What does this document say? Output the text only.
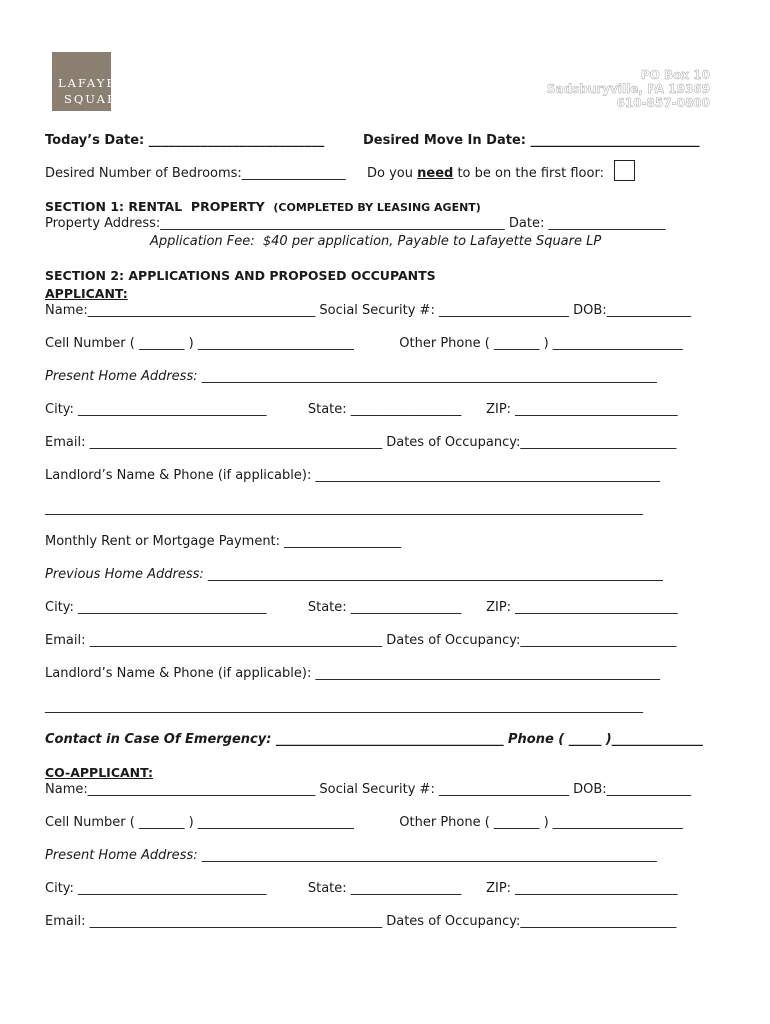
LAFAYETTE
SQUARE
PO Box 10
Sadsburyville, PA 19369
610-857-0800
Today’s Date: ___________________________	Desired Move In Date: __________________________
Desired Number of Bedrooms:________________ Do you need to be on the first floor:
SECTION 1: RENTAL  PROPERTY  (COMPLETED BY LEASING AGENT)
Property Address:_____________________________________________________ Date: __________________
Application Fee:  $40 per application, Payable to Lafayette Square LP
SECTION 2: APPLICATIONS AND PROPOSED OCCUPANTS
APPLICANT:
Name:___________________________________ Social Security #: ____________________ DOB:_____________
Cell Number ( _______ ) ________________________           Other Phone ( _______ ) ____________________
Present Home Address: ______________________________________________________________________
City: _____________________________          State: _________________      ZIP: _________________________
Email: _____________________________________________ Dates of Occupancy:________________________
Landlord’s Name & Phone (if applicable): _____________________________________________________
____________________________________________________________________________________________
Monthly Rent or Mortgage Payment: __________________
Previous Home Address: ______________________________________________________________________
City: _____________________________          State: _________________      ZIP: _________________________
Email: _____________________________________________ Dates of Occupancy:________________________
Landlord’s Name & Phone (if applicable): _____________________________________________________
____________________________________________________________________________________________
Contact in Case Of Emergency: ___________________________________ Phone ( _____ )______________
CO-APPLICANT:
Name:___________________________________ Social Security #: ____________________ DOB:_____________
Cell Number ( _______ ) ________________________           Other Phone ( _______ ) ____________________
Present Home Address: ______________________________________________________________________
City: _____________________________          State: _________________      ZIP: _________________________
Email: _____________________________________________ Dates of Occupancy:________________________
